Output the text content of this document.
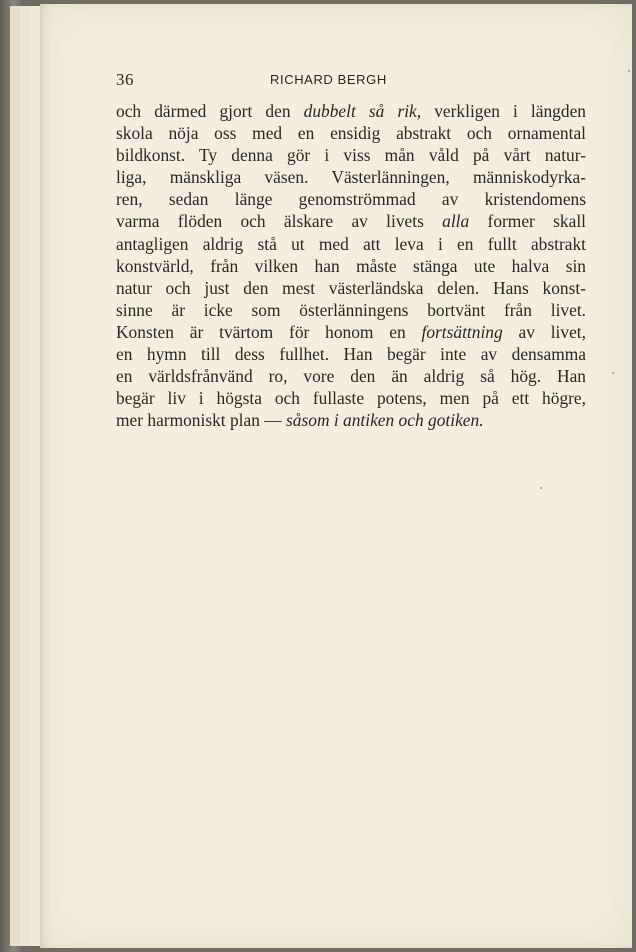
36	RICHARD BERGH
och därmed gjort den dubbelt så rik, verkligen i längden
skola nöja oss med en ensidig abstrakt och ornamental
bildkonst. Ty denna gör i viss mån våld på vårt natur-
liga, mänskliga väsen. Västerlänningen, människodyrka-
ren, sedan länge genomströmmad av kristendomens
varma flöden och älskare av livets alla former skall
antagligen aldrig stå ut med att leva i en fullt abstrakt
konstvärld, från vilken han måste stänga ute halva sin
natur och just den mest västerländska delen. Hans konst-
sinne är icke som österlänningens bortvänt från livet.
Konsten är tvärtom för honom en fortsättning av livet,
en hymn till dess fullhet. Han begär inte av densamma
en världsfrånvänd ro, vore den än aldrig så hög. Han
begär liv i högsta och fullaste potens, men på ett högre,
mer harmoniskt plan — såsom i antiken och gotiken.
